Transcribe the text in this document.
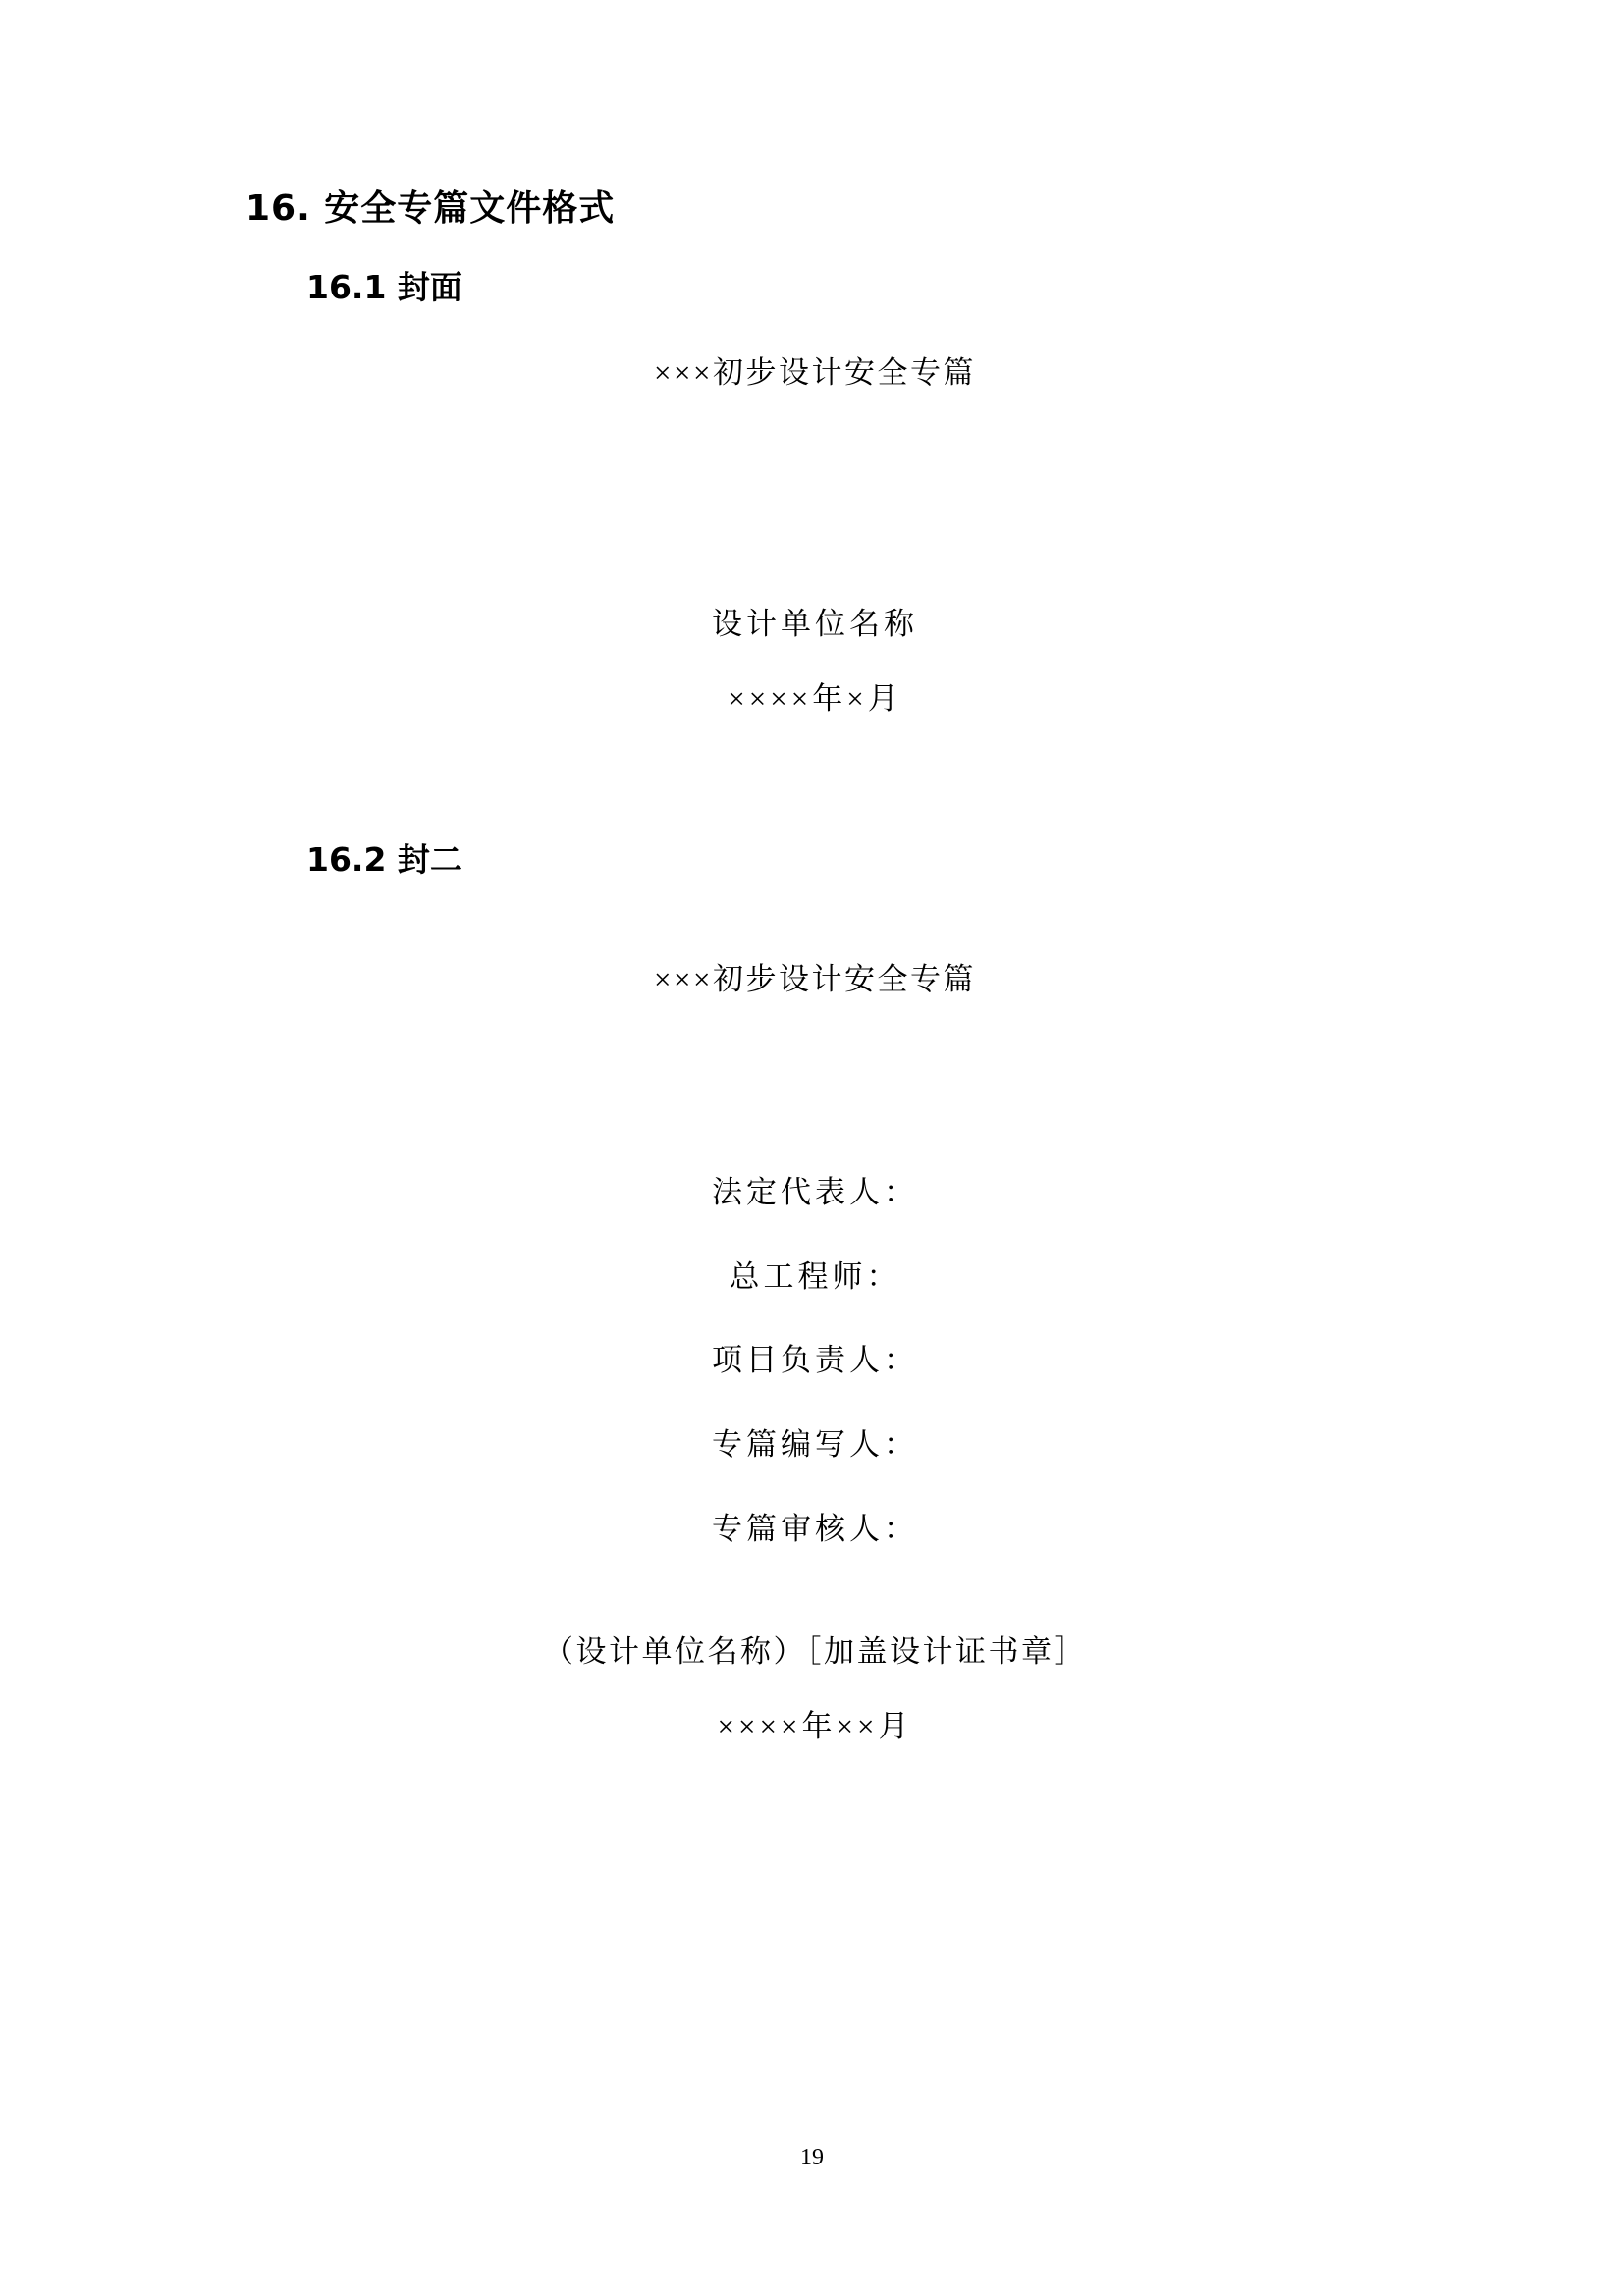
16. 安全专篇文件格式
16.1 封面

×××初步设计安全专篇

设计单位名称

××××年×月

16.2 封二

×××初步设计安全专篇

法定代表人：

总工程师：

项目负责人：

专篇编写人：

专篇审核人：

（设计单位名称）［加盖设计证书章］

××××年××月

19
